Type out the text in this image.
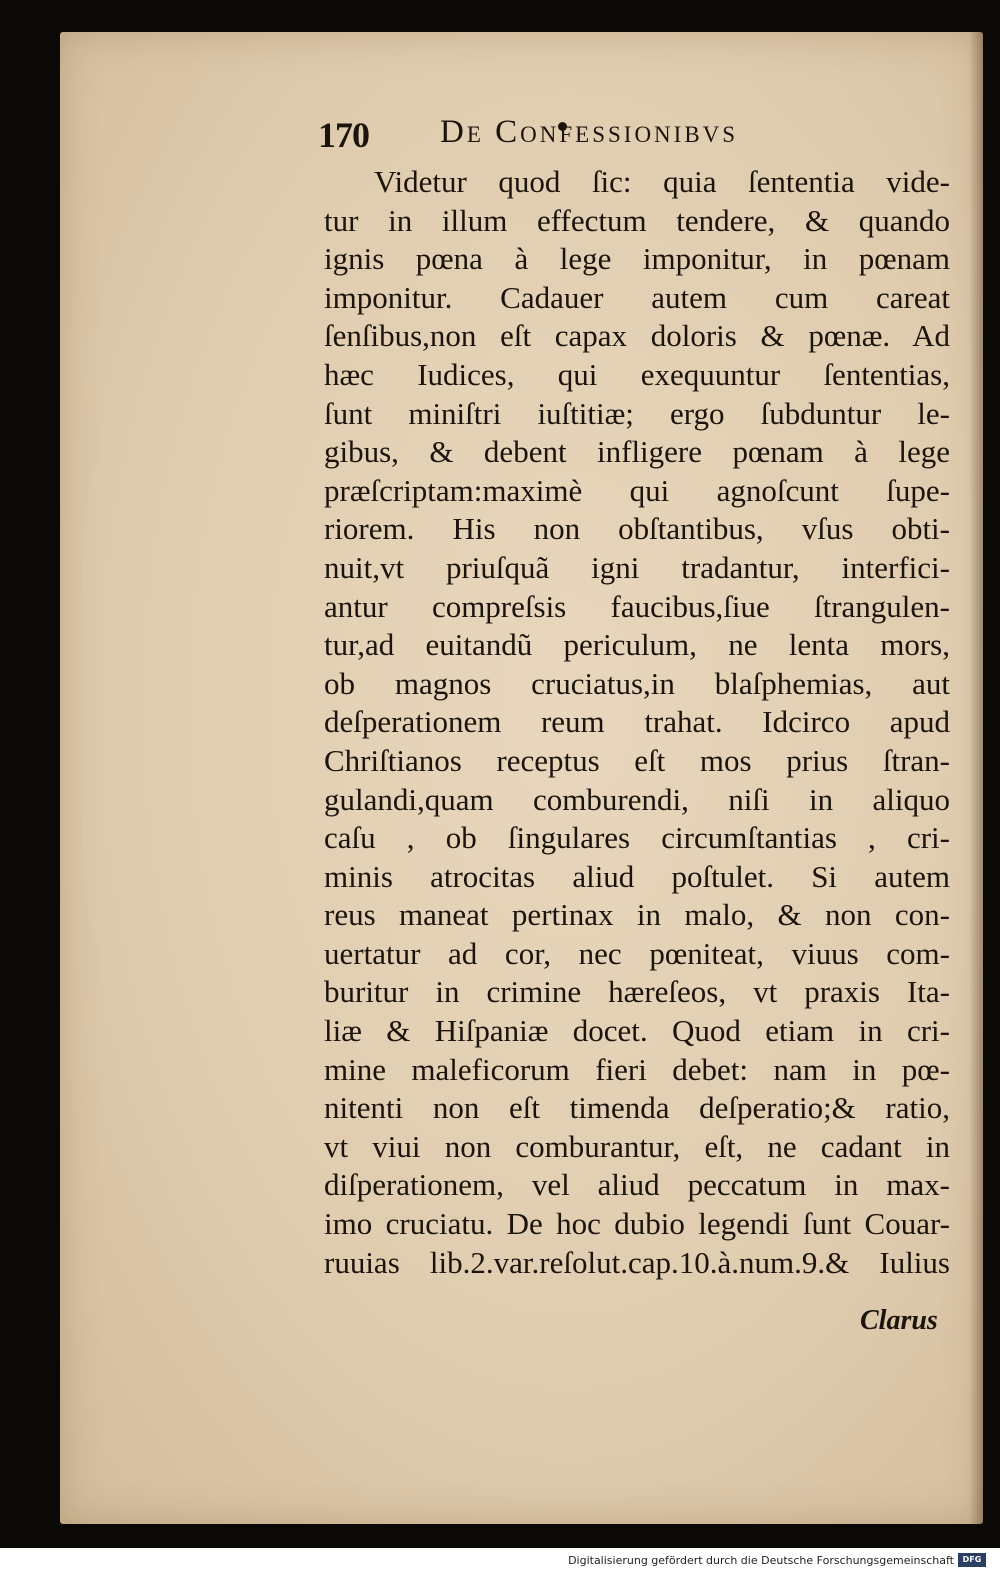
170 De Confessionibvs
Videtur quod ſic: quia ſententia vide-
tur in illum effectum tendere, & quando
ignis pœna à lege imponitur, in pœnam
imponitur. Cadauer autem cum careat
ſenſibus,non eſt capax doloris & pœnæ. Ad
hæc Iudices, qui exequuntur ſententias,
ſunt miniſtri iuſtitiæ; ergo ſubduntur le-
gibus, & debent infligere pœnam à lege
præſcriptam:maximè qui agnoſcunt ſupe-
riorem. His non obſtantibus, vſus obti-
nuit,vt priuſquã igni tradantur, interfici-
antur compreſsis faucibus,ſiue ſtrangulen-
tur,ad euitandũ periculum, ne lenta mors,
ob magnos cruciatus,in blaſphemias, aut
deſperationem reum trahat. Idcirco apud
Chriſtianos receptus eſt mos prius ſtran-
gulandi,quam comburendi, niſi in aliquo
caſu , ob ſingulares circumſtantias , cri-
minis atrocitas aliud poſtulet. Si autem
reus maneat pertinax in malo, & non con-
uertatur ad cor, nec pœniteat, viuus com-
buritur in crimine hæreſeos, vt praxis Ita-
liæ & Hiſpaniæ docet. Quod etiam in cri-
mine maleficorum fieri debet: nam in pœ-
nitenti non eſt timenda deſperatio;& ratio,
vt viui non comburantur, eſt, ne cadant in
diſperationem, vel aliud peccatum in max-
imo cruciatu. De hoc dubio legendi ſunt Couar-
ruuias lib.2.var.reſolut.cap.10.à.num.9.& Iulius
Clarus
Digitalisierung gefördert durch die Deutsche Forschungsgemeinschaft	DFG
